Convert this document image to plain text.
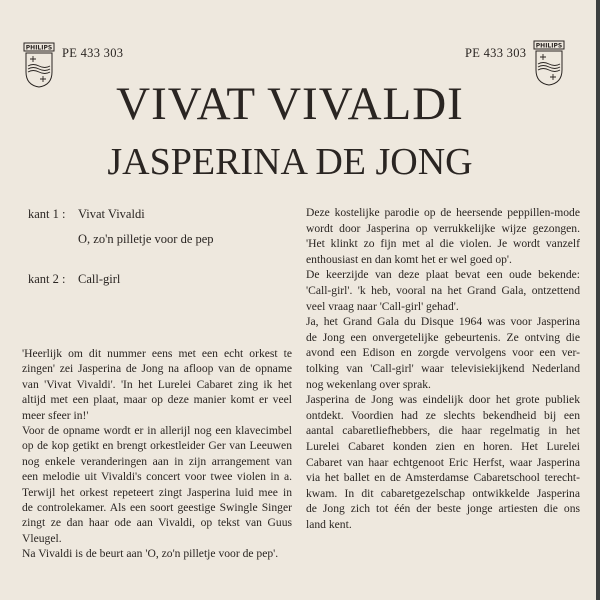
PHILIPS PE 433 303	PE 433 303 PHILIPS
VIVAT VIVALDI
JASPERINA DE JONG
kant 1 : Vivat Vivaldi
O, zo'n pilletje voor de pep
kant 2 : Call-girl
'Heerlijk om dit nummer eens met een echt orkest te
zingen' zei Jasperina de Jong na afloop van de opname
van 'Vivat Vivaldi'. 'In het Lurelei Cabaret zing ik het
altijd met een plaat, maar op deze manier komt er veel
meer sfeer in!'
Voor de opname wordt er in allerijl nog een klavecimbel
op de kop getikt en brengt orkestleider Ger van Leeuwen
nog enkele veranderingen aan in zijn arrangement van
een melodie uit Vivaldi's concert voor twee violen in a.
Terwijl het orkest repeteert zingt Jasperina luid mee in
de controlekamer. Als een soort geestige Swingle Singer
zingt ze dan haar ode aan Vivaldi, op tekst van Guus
Vleugel.
Na Vivaldi is de beurt aan 'O, zo'n pilletje voor de pep'.
Deze kostelijke parodie op de heersende peppillen-mode
wordt door Jasperina op verrukkelijke wijze gezongen.
'Het klinkt zo fijn met al die violen. Je wordt vanzelf
enthousiast en dan komt het er wel goed op'.
De keerzijde van deze plaat bevat een oude bekende:
'Call-girl'. 'k heb, vooral na het Grand Gala, ontzettend
veel vraag naar 'Call-girl' gehad'.
Ja, het Grand Gala du Disque 1964 was voor Jasperina
de Jong een onvergetelijke gebeurtenis. Ze ontving die
avond een Edison en zorgde vervolgens voor een ver-
tolking van 'Call-girl' waar televisiekijkend Nederland
nog wekenlang over sprak.
Jasperina de Jong was eindelijk door het grote publiek
ontdekt. Voordien had ze slechts bekendheid bij een
aantal cabaretliefhebbers, die haar regelmatig in het
Lurelei Cabaret konden zien en horen. Het Lurelei
Cabaret van haar echtgenoot Eric Herfst, waar Jasperina
via het ballet en de Amsterdamse Cabaretschool terecht-
kwam. In dit cabaretgezelschap ontwikkelde Jasperina
de Jong zich tot één der beste jonge artiesten die ons
land kent.
